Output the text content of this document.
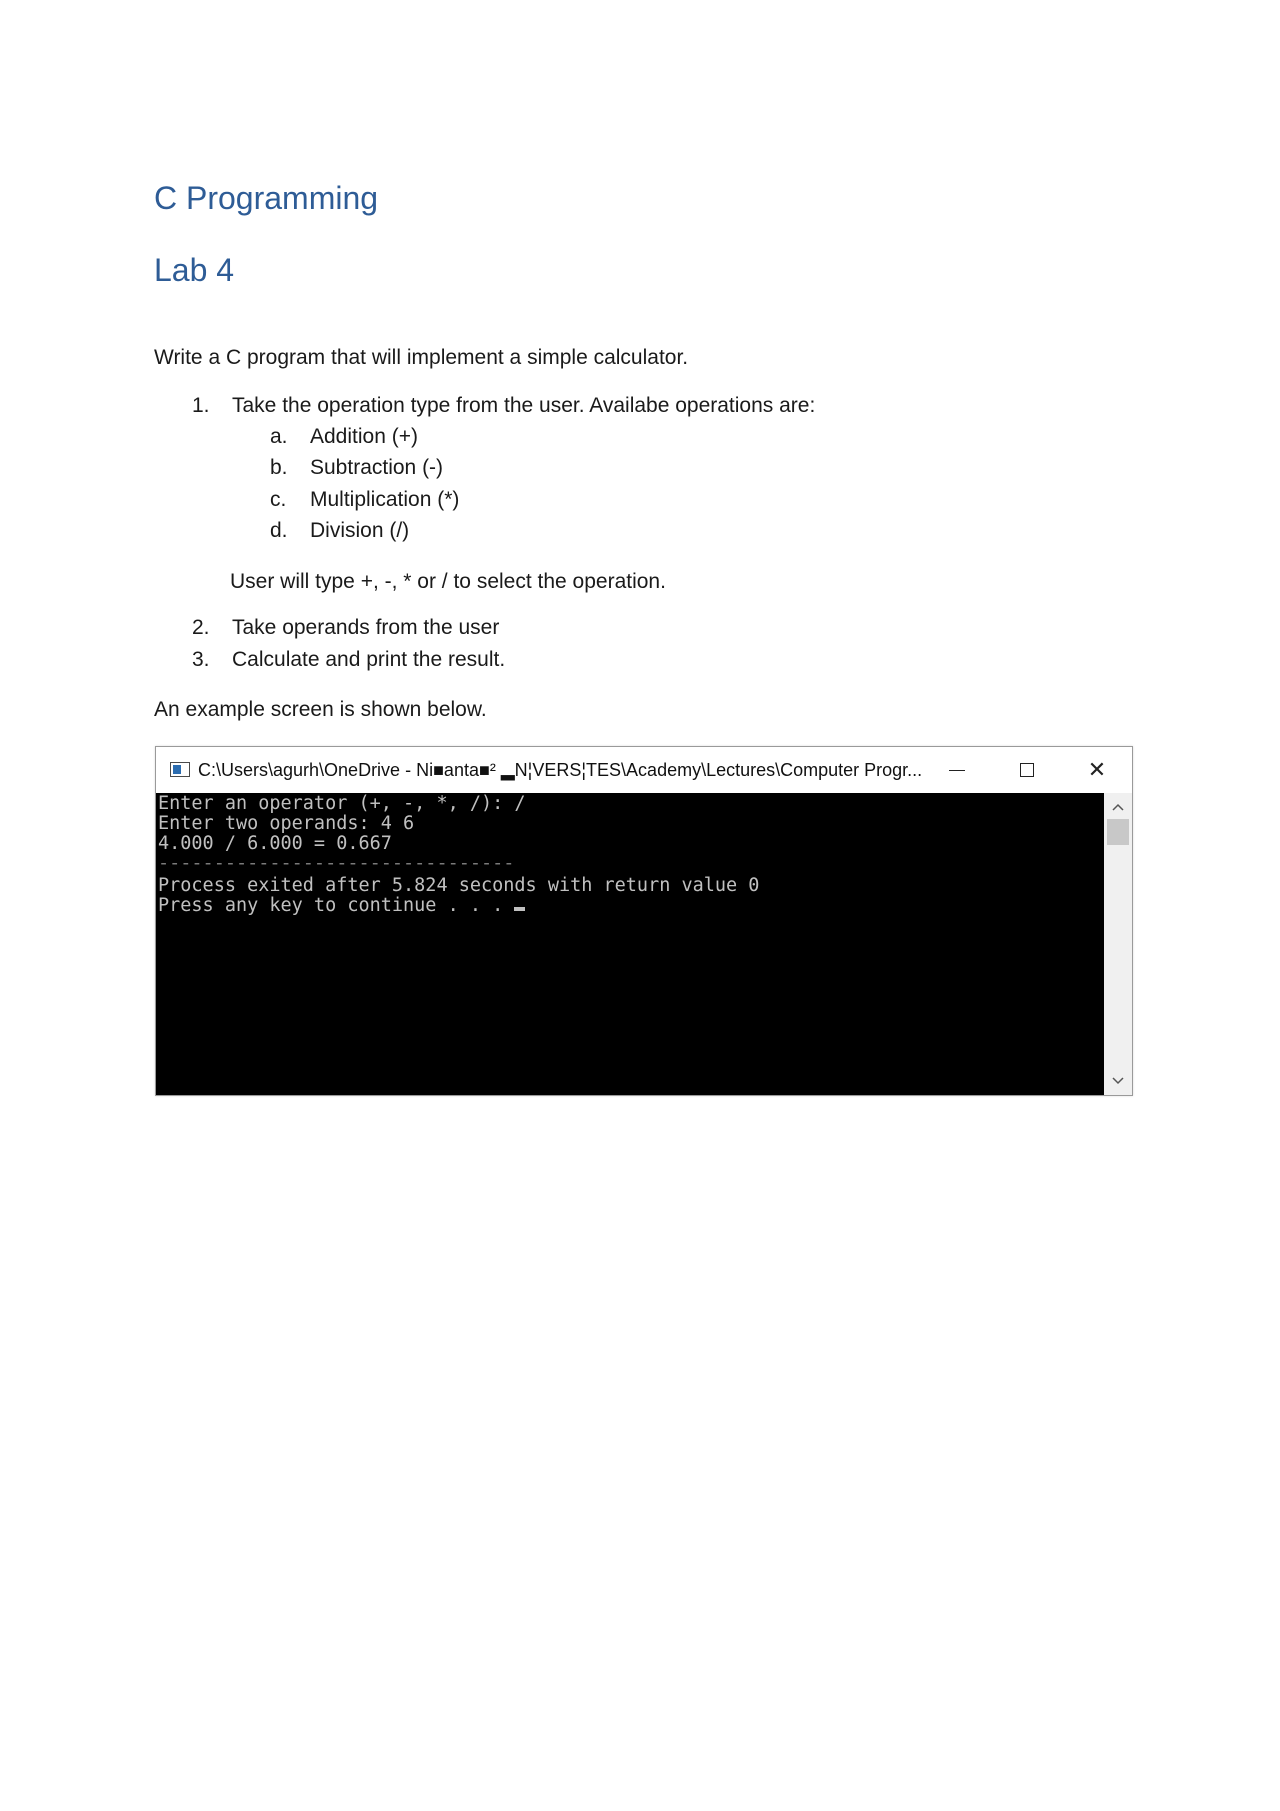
C Programming
Lab 4

Write a C program that will implement a simple calculator.

1. Take the operation type from the user. Availabe operations are:
a. Addition (+)
b. Subtraction (-)
c. Multiplication (*)
d. Division (/)
User will type +, -, * or / to select the operation.
2. Take operands from the user
3. Calculate and print the result.

An example screen is shown below.

C:\Users\agurh\OneDrive - Ni■anta■² ▂N¦VERS¦TES\Academy\Lectures\Computer Progr...	✕
Enter an operator (+, -, *, /): /
Enter two operands: 4 6
4.000 / 6.000 = 0.667
--------------------------------
Process exited after 5.824 seconds with return value 0
Press any key to continue . . .
